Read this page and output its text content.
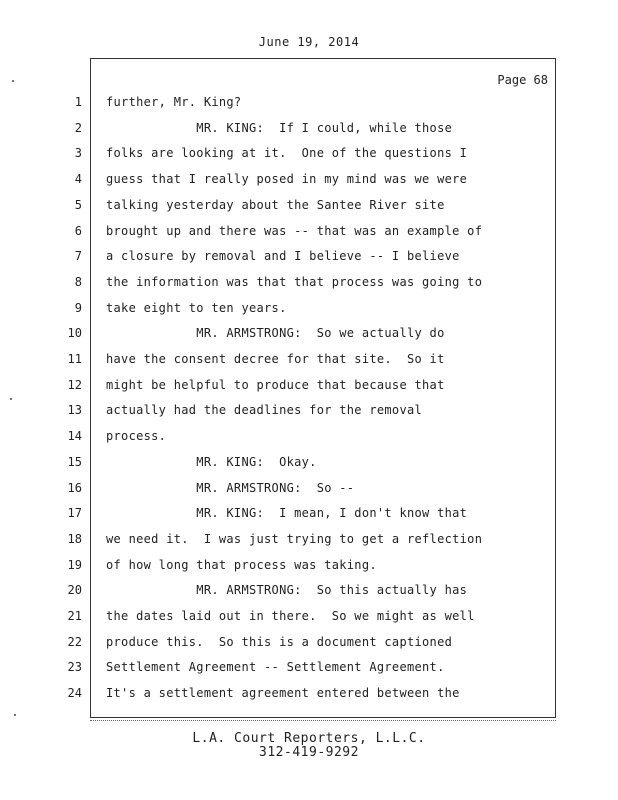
June 19, 2014
Page 68
1 further, Mr. King?
2 MR. KING:  If I could, while those
3 folks are looking at it.  One of the questions I
4 guess that I really posed in my mind was we were
5 talking yesterday about the Santee River site
6 brought up and there was -- that was an example of
7 a closure by removal and I believe -- I believe
8 the information was that that process was going to
9 take eight to ten years.
10 MR. ARMSTRONG:  So we actually do
11 have the consent decree for that site.  So it
12 might be helpful to produce that because that
13 actually had the deadlines for the removal
14 process.
15 MR. KING:  Okay.
16 MR. ARMSTRONG:  So --
17 MR. KING:  I mean, I don't know that
18 we need it.  I was just trying to get a reflection
19 of how long that process was taking.
20 MR. ARMSTRONG:  So this actually has
21 the dates laid out in there.  So we might as well
22 produce this.  So this is a document captioned
23 Settlement Agreement -- Settlement Agreement.
24 It's a settlement agreement entered between the
L.A. Court Reporters, L.L.C.
312-419-9292
